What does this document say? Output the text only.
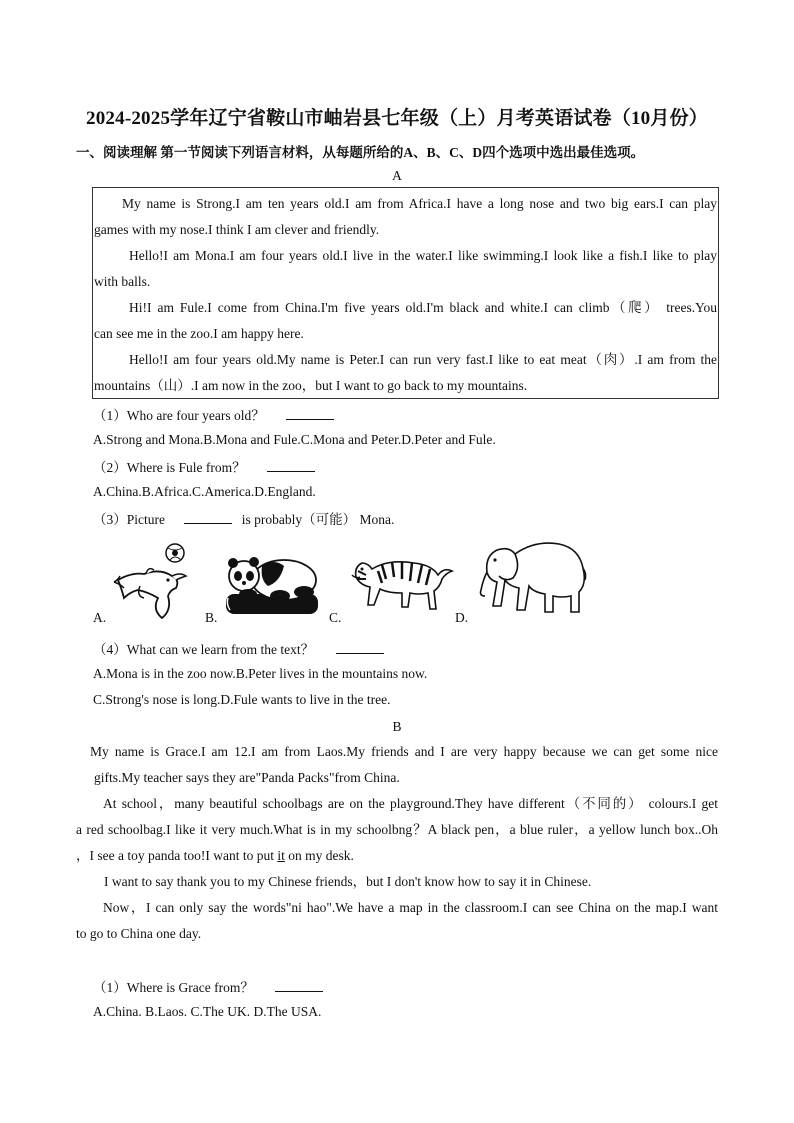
2024-2025学年辽宁省鞍山市岫岩县七年级（上）月考英语试卷（10月份）
一、阅读理解 第一节阅读下列语言材料，从每题所给的A、B、C、D四个选项中选出最佳选项。
A
My name is Strong.I am ten years old.I am from Africa.I have a long nose and two big ears.I can play
games with my nose.I think I am clever and friendly.
Hello!I am Mona.I am four years old.I live in the water.I like swimming.I look like a fish.I like to play
with balls.
Hi!I am Fule.I come from China.I'm five years old.I'm black and white.I can climb（爬） trees.You
can see me in the zoo.I am happy here.
Hello!I am four years old.My name is Peter.I can run very fast.I like to eat meat（肉）.I am from the
mountains（山）.I am now in the zoo，but I want to go back to my mountains.
（1）Who are four years old？
A.Strong and Mona.B.Mona and Fule.C.Mona and Peter.D.Peter and Fule.
（2）Where is Fule from？
A.China.B.Africa.C.America.D.England.
（3）Picture	is probably（可能） Mona.
A.	B.	C.	D.
（4）What can we learn from the text？
A.Mona is in the zoo now.B.Peter lives in the mountains now.
C.Strong's nose is long.D.Fule wants to live in the tree.
B
My name is Grace.I am 12.I am from Laos.My friends and I are very happy because we can get some nice
gifts.My teacher says they are"Panda Packs"from China.
At school，many beautiful schoolbags are on the playground.They have different（不同的） colours.I get
a red schoolbag.I like it very much.What is in my schoolbng？A black pen，a blue ruler，a yellow lunch box..Oh
，I see a toy panda too!I want to put it on my desk.
I want to say thank you to my Chinese friends，but I don't know how to say it in Chinese.
Now，I can only say the words"ni hao".We have a map in the classroom.I can see China on the map.I want
to go to China one day.
（1）Where is Grace from？
A.China. B.Laos. C.The UK. D.The USA.
